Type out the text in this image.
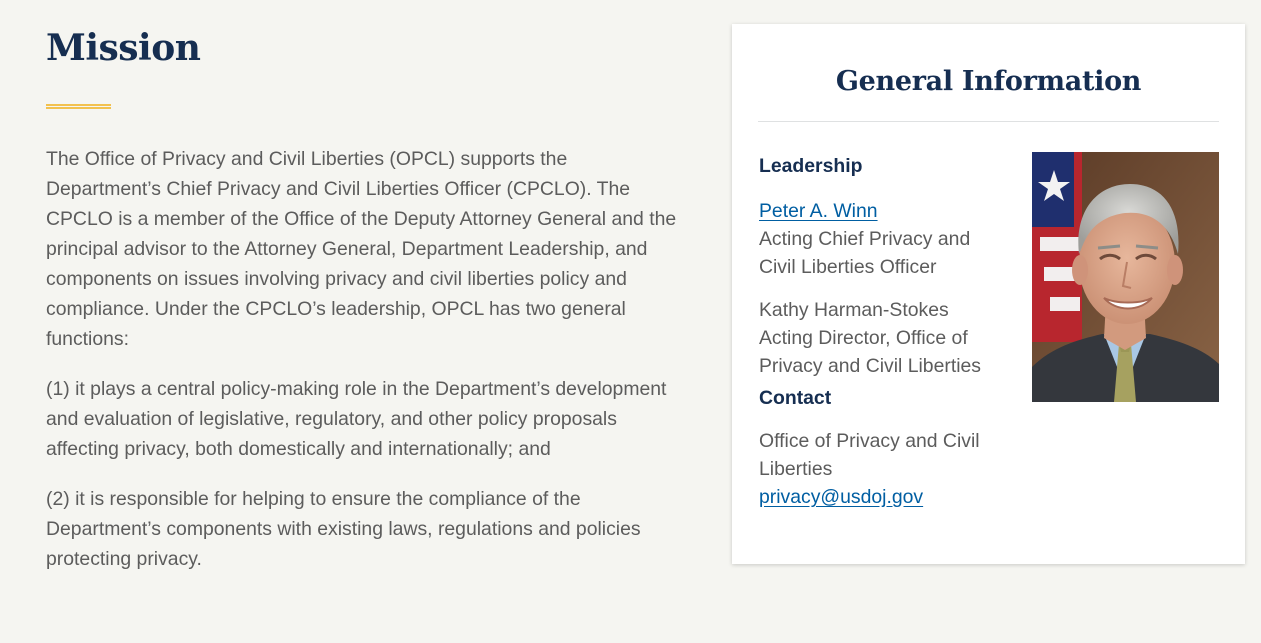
Mission

The Office of Privacy and Civil Liberties (OPCL) supports the Department’s Chief Privacy and Civil Liberties Officer (CPCLO). The CPCLO is a member of the Office of the Deputy Attorney General and the principal advisor to the Attorney General, Department Leadership, and components on issues involving privacy and civil liberties policy and compliance. Under the CPCLO’s leadership, OPCL has two general functions:

(1) it plays a central policy-making role in the Department’s development and evaluation of legislative, regulatory, and other policy proposals affecting privacy, both domestically and internationally; and

(2) it is responsible for helping to ensure the compliance of the Department’s components with existing laws, regulations and policies protecting privacy.

General Information
Leadership
Peter A. Winn
Acting Chief Privacy and
Civil Liberties Officer
Kathy Harman-Stokes
Acting Director, Office of
Privacy and Civil Liberties
Contact
Office of Privacy and Civil
Liberties
privacy@usdoj.gov
